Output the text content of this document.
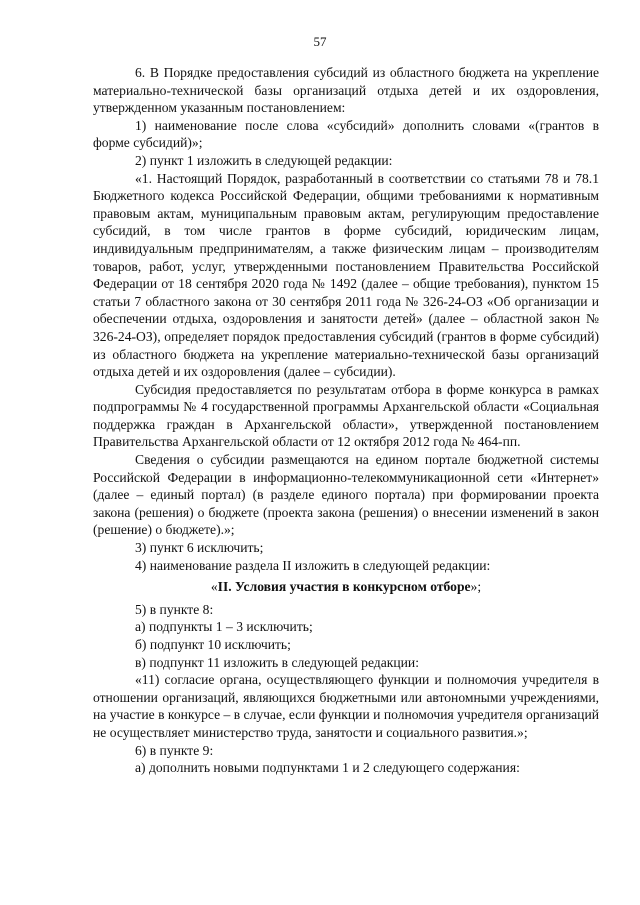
57

6. В Порядке предоставления субсидий из областного бюджета на укрепление материально-технической базы организаций отдыха детей и их оздоровления, утвержденном указанным постановлением:

1) наименование после слова «субсидий» дополнить словами «(грантов в форме субсидий)»;

2) пункт 1 изложить в следующей редакции:

«1. Настоящий Порядок, разработанный в соответствии со статьями 78 и 78.1 Бюджетного кодекса Российской Федерации, общими требованиями к нормативным правовым актам, муниципальным правовым актам, регулирующим предоставление субсидий, в том числе грантов в форме субсидий, юридическим лицам, индивидуальным предпринимателям, а также физическим лицам – производителям товаров, работ, услуг, утвержденными постановлением Правительства Российской Федерации от 18 сентября 2020 года № 1492 (далее – общие требования), пунктом 15 статьи 7 областного закона от 30 сентября 2011 года № 326-24-ОЗ «Об организации и обеспечении отдыха, оздоровления и занятости детей» (далее – областной закон № 326-24-ОЗ), определяет порядок предоставления субсидий (грантов в форме субсидий) из областного бюджета на укрепление материально-технической базы организаций отдыха детей и их оздоровления (далее – субсидии).

Субсидия предоставляется по результатам отбора в форме конкурса в рамках подпрограммы № 4 государственной программы Архангельской области «Социальная поддержка граждан в Архангельской области», утвержденной постановлением Правительства Архангельской области от 12 октября 2012 года № 464-пп.

Сведения о субсидии размещаются на едином портале бюджетной системы Российской Федерации в информационно-телекоммуникационной сети «Интернет» (далее – единый портал) (в разделе единого портала) при формировании проекта закона (решения) о бюджете (проекта закона (решения) о внесении изменений в закон (решение) о бюджете).»;

3) пункт 6 исключить;

4) наименование раздела II изложить в следующей редакции:

«II. Условия участия в конкурсном отборе»;

5) в пункте 8:

а) подпункты 1 – 3 исключить;

б) подпункт 10 исключить;

в) подпункт 11 изложить в следующей редакции:

«11) согласие органа, осуществляющего функции и полномочия учредителя в отношении организаций, являющихся бюджетными или автономными учреждениями, на участие в конкурсе – в случае, если функции и полномочия учредителя организаций не осуществляет министерство труда, занятости и социального развития.»;

6) в пункте 9:

а) дополнить новыми подпунктами 1 и 2 следующего содержания:
